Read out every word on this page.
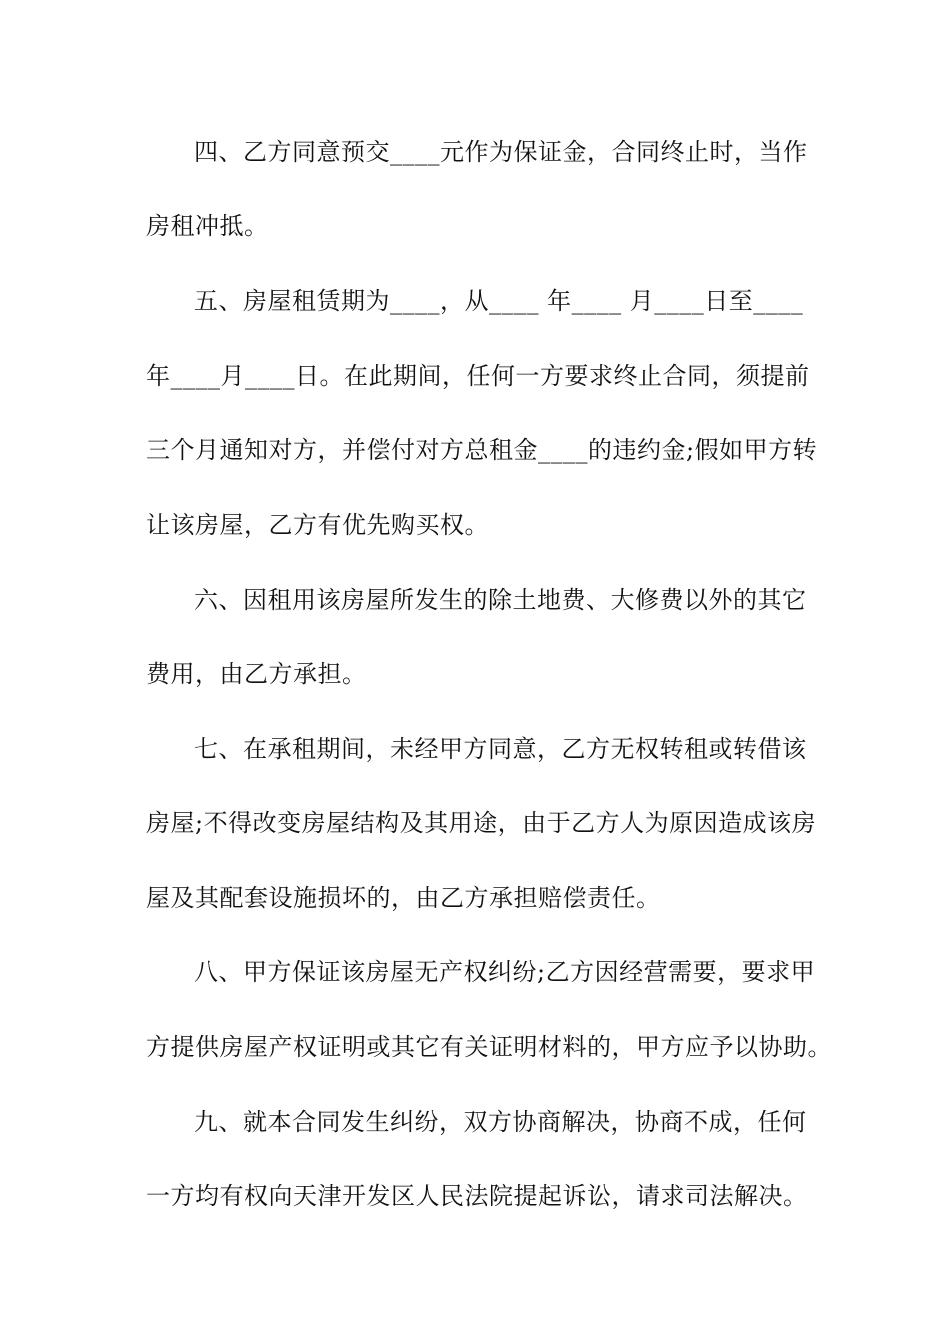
四、乙方同意预交____元作为保证金，合同终止时，当作
房租冲抵。
五、房屋租赁期为____，从____ 年____ 月____日至____
年____月____日。在此期间，任何一方要求终止合同，须提前
三个月通知对方，并偿付对方总租金____的违约金;假如甲方转
让该房屋，乙方有优先购买权。
六、因租用该房屋所发生的除土地费、大修费以外的其它
费用，由乙方承担。
七、在承租期间，未经甲方同意，乙方无权转租或转借该
房屋;不得改变房屋结构及其用途，由于乙方人为原因造成该房
屋及其配套设施损坏的，由乙方承担赔偿责任。
八、甲方保证该房屋无产权纠纷;乙方因经营需要，要求甲
方提供房屋产权证明或其它有关证明材料的，甲方应予以协助。
九、就本合同发生纠纷，双方协商解决，协商不成，任何
一方均有权向天津开发区人民法院提起诉讼，请求司法解决。
